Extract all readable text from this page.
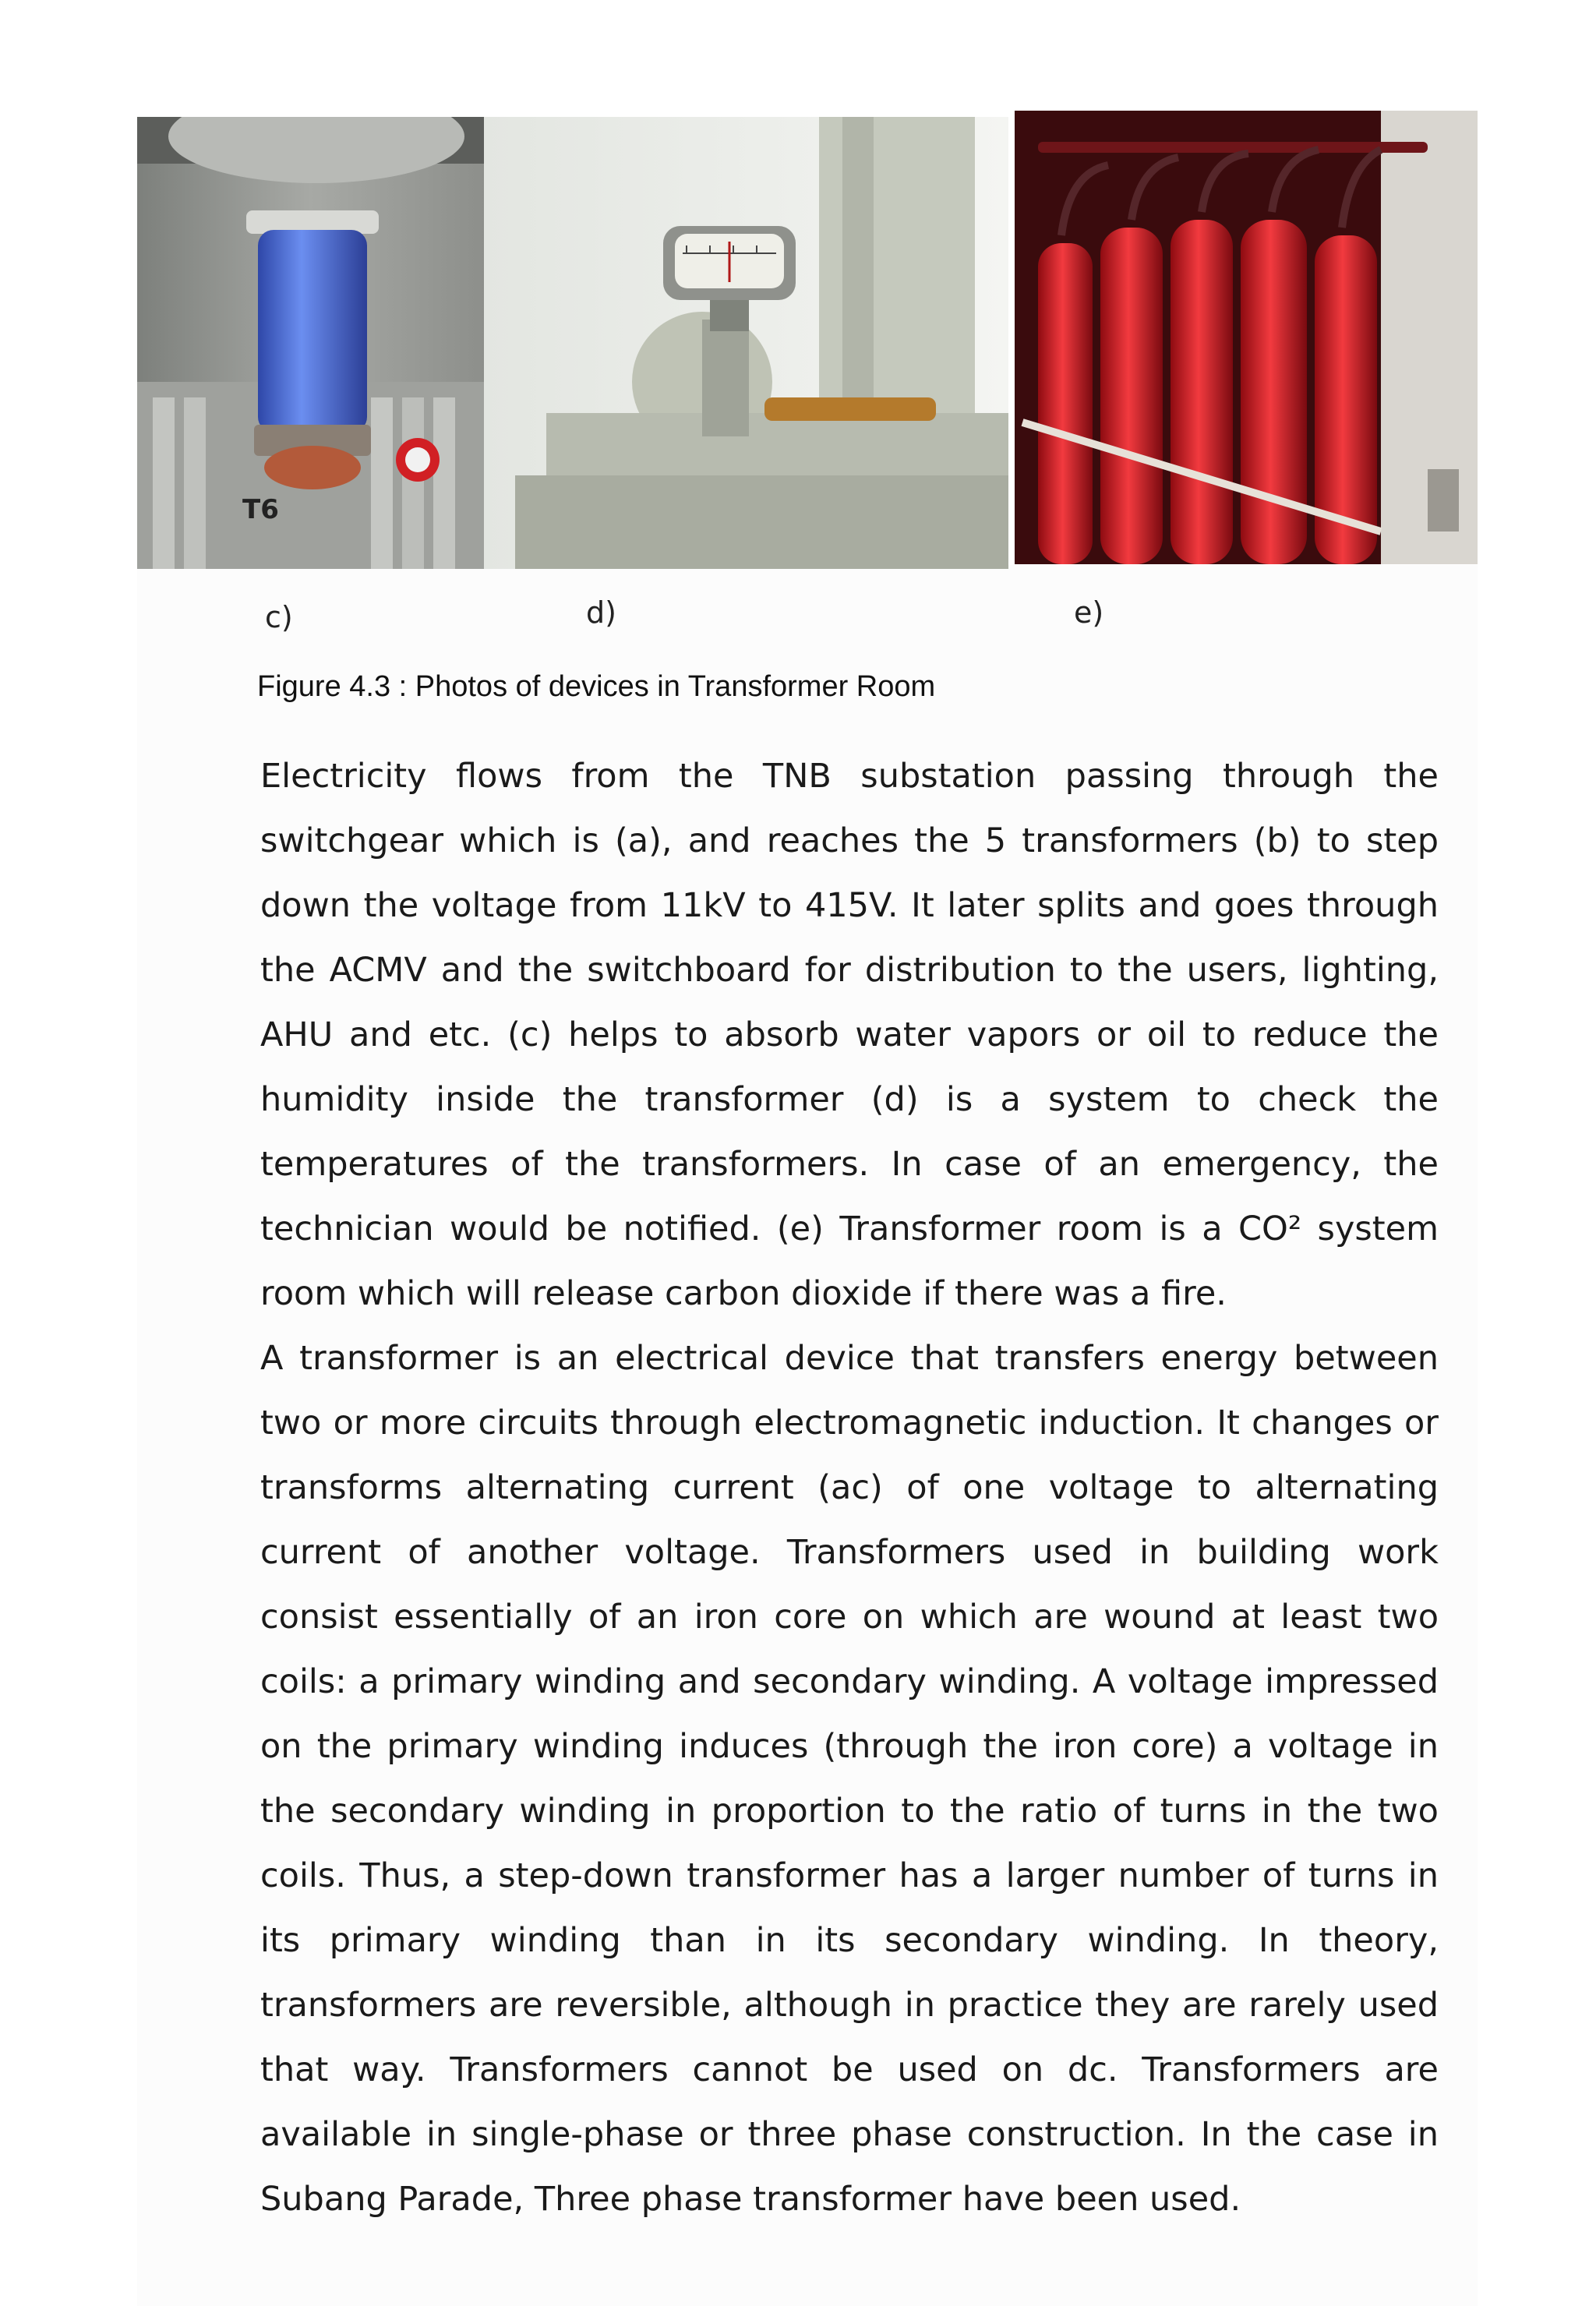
T6
c)	d)	e)
Figure 4.3 : Photos of devices in Transformer Room

Electricity flows from the TNB substation passing through the switchgear which is (a), and reaches the 5 transformers (b) to step down the voltage from 11kV to 415V. It later splits and goes through the ACMV and the switchboard for distribution to the users, lighting, AHU and etc. (c) helps to absorb water vapors or oil to reduce the humidity inside the transformer (d) is a system to check the temperatures of the transformers. In case of an emergency, the technician would be notified. (e) Transformer room is a CO² system room which will release carbon dioxide if there was a fire.

A transformer is an electrical device that transfers energy between two or more circuits through electromagnetic induction. It changes or transforms alternating current (ac) of one voltage to alternating current of another voltage. Transformers used in building work consist essentially of an iron core on which are wound at least two coils: a primary winding and secondary winding. A voltage impressed on the primary winding induces (through the iron core) a voltage in the secondary winding in proportion to the ratio of turns in the two coils. Thus, a step-down transformer has a larger number of turns in its primary winding than in its secondary winding. In theory, transformers are reversible, although in practice they are rarely used that way. Transformers cannot be used on dc. Transformers are available in single-phase or three phase construction. In the case in Subang Parade, Three phase transformer have been used.
